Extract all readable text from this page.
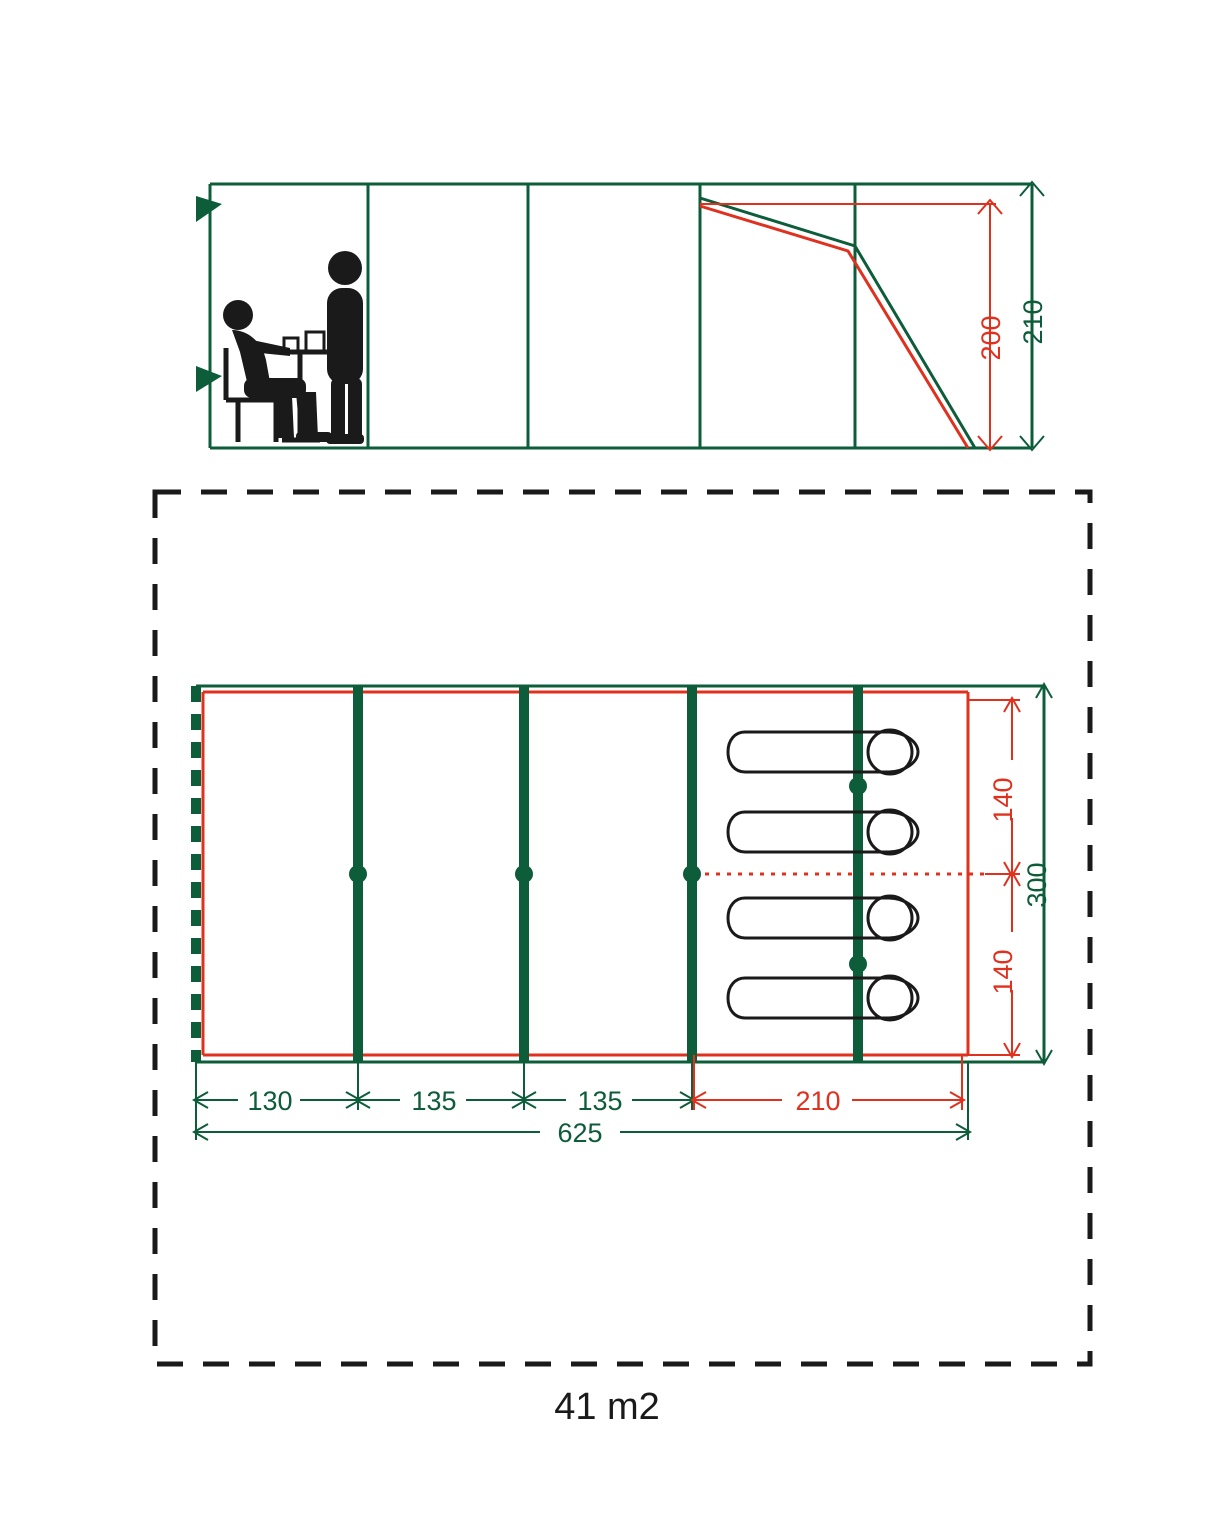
200 210
130	135	135	210
625
140
140
300
41 m2
